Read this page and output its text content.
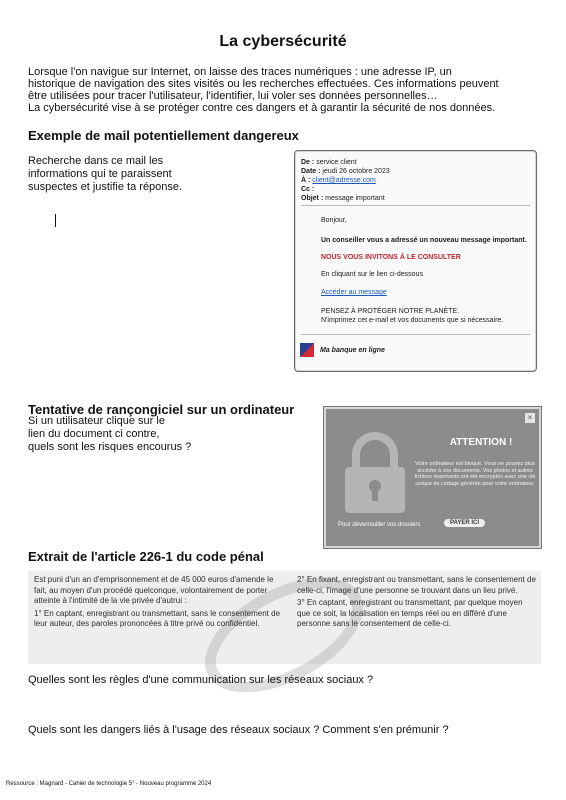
La cybersécurité
Lorsque l'on navigue sur Internet, on laisse des traces numériques : une adresse IP, un
historique de navigation des sites visités ou les recherches effectuées. Ces informations peuvent
être utilisées pour tracer l'utilisateur, l'identifier, lui voler ses données personnelles…
La cybersécurité vise à se protéger contre ces dangers et à garantir la sécurité de nos données.
Exemple de mail potentiellement dangereux
Recherche dans ce mail les
informations qui te paraissent
suspectes et justifie ta réponse.
De : service client
Date : jeudi 26 octobre 2023
À : client@adresse.com
Cc :
Objet : message important
Bonjour,
Un conseiller vous a adressé un nouveau message important.
NOUS VOUS INVITONS À LE CONSULTER
En cliquant sur le lien ci-dessous
Accéder au message
PENSEZ À PROTÉGER NOTRE PLANÈTE.
N'imprimez cet e-mail et vos documents que si nécessaire.
Ma banque en ligne
Tentative de rançongiciel sur un ordinateur
Si un utilisateur clique sur le
lien du document ci contre,
quels sont les risques encourus ?
×
ATTENTION !
Votre ordinateur est bloqué. Vous ne pouvez plus accéder à vos documents. Vos photos et autres fichiers importants ont été encryptés avec une clé unique de codage générée pour votre ordinateur.
Pour déverrouiller vos dossiers	PAYER ICI
Extrait de l'article 226-1 du code pénal

Est puni d'un an d'emprisonnement et de 45 000 euros d'amende le fait, au moyen d'un procédé quelconque, volontairement de porter atteinte à l'intimité de la vie privée d'autrui :

1° En captant, enregistrant ou transmettant, sans le consentement de leur auteur, des paroles prononcées à titre privé ou confidentiel.

2° En fixant, enregistrant ou transmettant, sans le consentement de celle-ci, l'image d'une personne se trouvant dans un lieu privé.

3° En captant, enregistrant ou transmettant, par quelque moyen que ce soit, la localisation en temps réel ou en différé d'une personne sans le consentement de celle-ci.

Quelles sont les règles d'une communication sur les réseaux sociaux ?
Quels sont les dangers liés à l'usage des réseaux sociaux ? Comment s'en prémunir ?
Ressource : Magnard - Cahier de technologie 5° - Nouveau programme 2024
